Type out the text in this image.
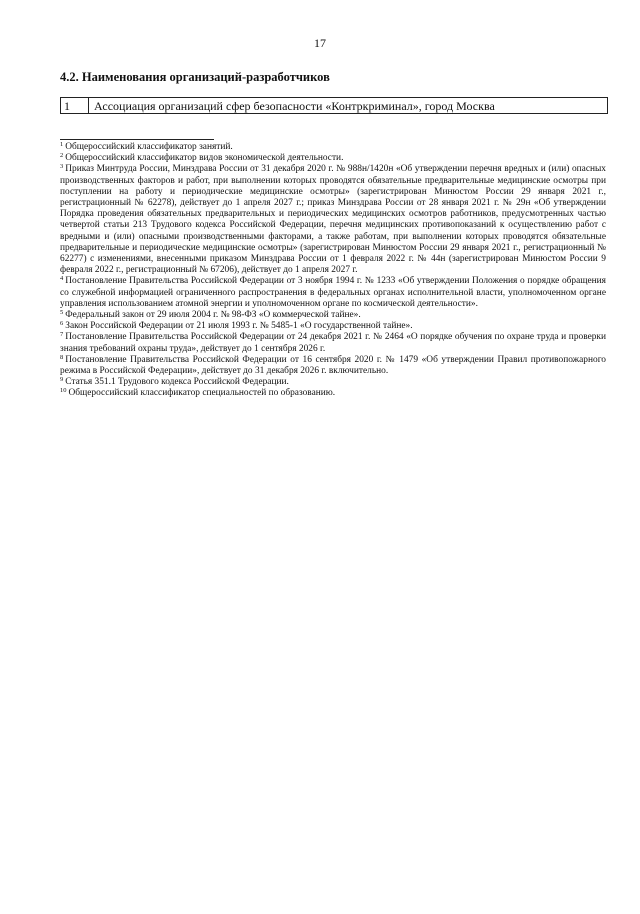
17
4.2. Наименования организаций-разработчиков
1	Ассоциация организаций сфер безопасности «Контркриминал», город Москва

$^1$ Общероссийский классификатор занятий.

$^2$ Общероссийский классификатор видов экономической деятельности.

$^3$ Приказ Минтруда России, Минздрава России от 31 декабря 2020 г. № 988н/1420н «Об утверждении перечня вредных и (или) опасных производственных факторов и работ, при выполнении которых проводятся обязательные предварительные медицинские осмотры при поступлении на работу и периодические медицинские осмотры» (зарегистрирован Минюстом России 29 января 2021 г., регистрационный № 62278), действует до 1 апреля 2027 г.; приказ Минздрава России от 28 января 2021 г. № 29н «Об утверждении Порядка проведения обязательных предварительных и периодических медицинских осмотров работников, предусмотренных частью четвертой статьи 213 Трудового кодекса Российской Федерации, перечня медицинских противопоказаний к осуществлению работ с вредными и (или) опасными производственными факторами, а также работам, при выполнении которых проводятся обязательные предварительные и периодические медицинские осмотры» (зарегистрирован Минюстом России 29 января 2021 г., регистрационный № 62277) с изменениями, внесенными приказом Минздрава России от 1 февраля 2022 г. № 44н (зарегистрирован Минюстом России 9 февраля 2022 г., регистрационный № 67206), действует до 1 апреля 2027 г.

$^4$ Постановление Правительства Российской Федерации от 3 ноября 1994 г. № 1233 «Об утверждении Положения о порядке обращения со служебной информацией ограниченного распространения в федеральных органах исполнительной власти, уполномоченном органе управления использованием атомной энергии и уполномоченном органе по космической деятельности».

$^5$ Федеральный закон от 29 июля 2004 г. № 98-ФЗ «О коммерческой тайне».

$^6$ Закон Российской Федерации от 21 июля 1993 г. № 5485-1 «О государственной тайне».

$^7$ Постановление Правительства Российской Федерации от 24 декабря 2021 г. № 2464 «О порядке обучения по охране труда и проверки знания требований охраны труда», действует до 1 сентября 2026 г.

$^8$ Постановление Правительства Российской Федерации от 16 сентября 2020 г. № 1479 «Об утверждении Правил противопожарного режима в Российской Федерации», действует до 31 декабря 2026 г. включительно.

$^9$ Статья 351.1 Трудового кодекса Российской Федерации.

$^{10}$ Общероссийский классификатор специальностей по образованию.
